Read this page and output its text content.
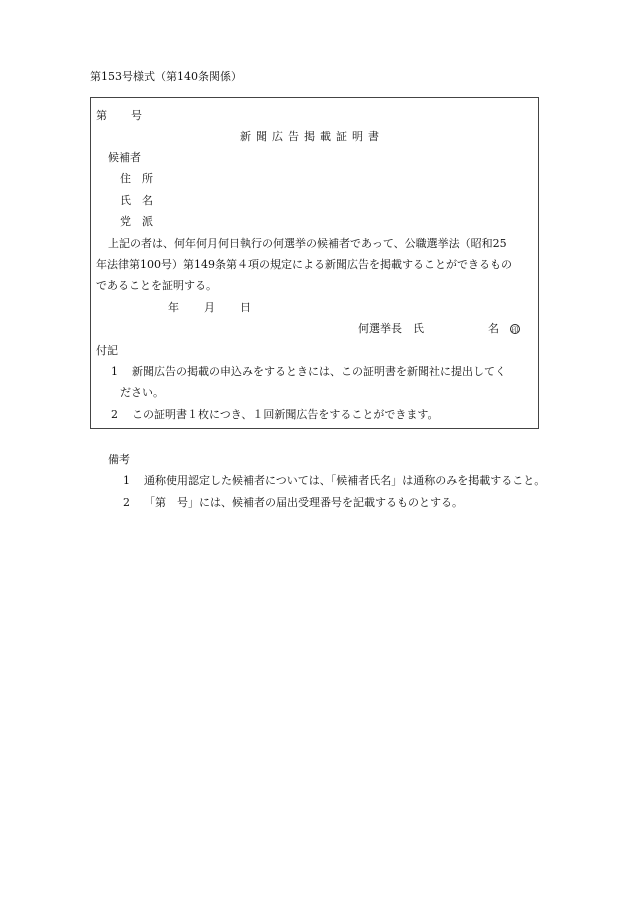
第153号様式（第140条関係）
第 号
新聞広告掲載証明書
候補者
住　所
氏　名
党　派
上記の者は、何年何月何日執行の何選挙の候補者であって、公職選挙法（昭和25
年法律第100号）第149条第４項の規定による新聞広告を掲載することができるもの
であることを証明する。
年 月 日
何選挙長　氏	名 印
付記
1 新聞広告の掲載の申込みをするときには、この証明書を新聞社に提出してく
ださい。
2 この証明書１枚につき、１回新聞広告をすることができます。
備考
1 通称使用認定した候補者については、「候補者氏名」は通称のみを掲載すること。
2 「第　号」には、候補者の届出受理番号を記載するものとする。
